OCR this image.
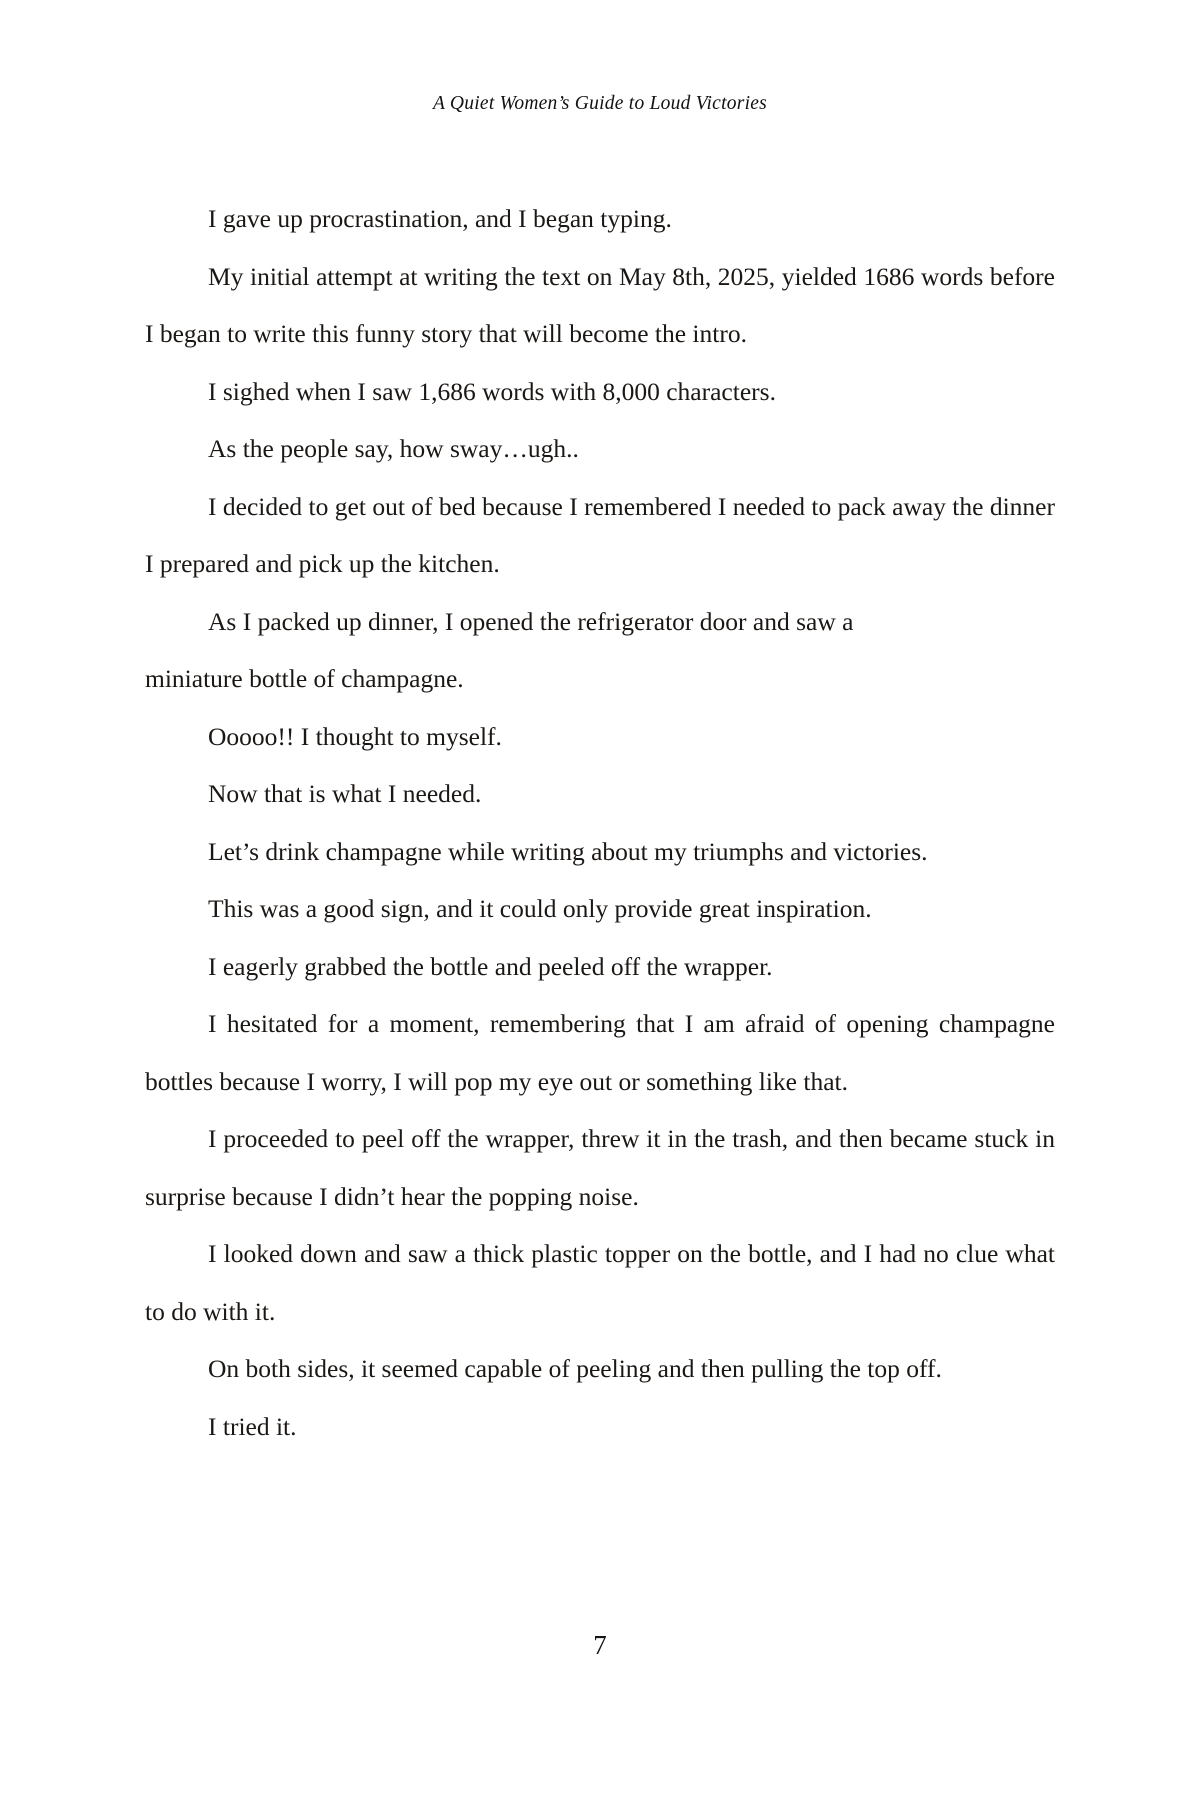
A Quiet Women’s Guide to Loud Victories

I gave up procrastination, and I began typing.

My initial attempt at writing the text on May 8th, 2025, yielded 1686 words before I began to write this funny story that will become the intro.

I sighed when I saw 1,686 words with 8,000 characters.

As the people say, how sway…ugh..

I decided to get out of bed because I remembered I needed to pack away the dinner I prepared and pick up the kitchen.

As I packed up dinner, I opened the refrigerator door and saw a

miniature bottle of champagne.

Ooooo!! I thought to myself.

Now that is what I needed.

Let’s drink champagne while writing about my triumphs and victories.

This was a good sign, and it could only provide great inspiration.

I eagerly grabbed the bottle and peeled off the wrapper.

I hesitated for a moment, remembering that I am afraid of opening champagne bottles because I worry, I will pop my eye out or something like that.

I proceeded to peel off the wrapper, threw it in the trash, and then became stuck in surprise because I didn’t hear the popping noise.

I looked down and saw a thick plastic topper on the bottle, and I had no clue what to do with it.

On both sides, it seemed capable of peeling and then pulling the top off.

I tried it.

7
